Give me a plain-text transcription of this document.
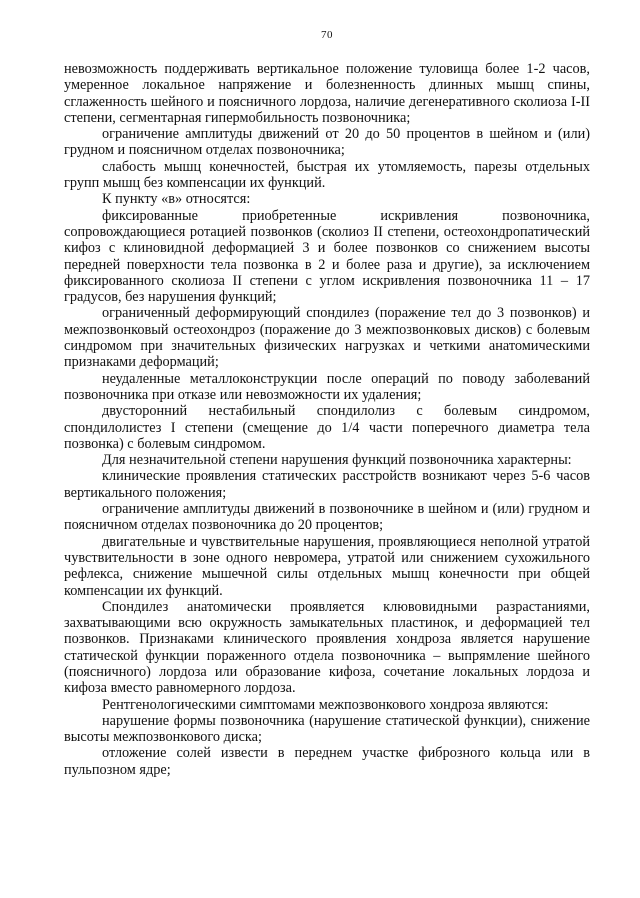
70

невозможность поддерживать вертикальное положение туловища более 1-2 часов, умеренное локальное напряжение и болезненность длинных мышц спины, сглаженность шейного и поясничного лордоза, наличие дегенеративного сколиоза I-II степени, сегментарная гипермобильность позвоночника;

ограничение амплитуды движений от 20 до 50 процентов в шейном и (или) грудном и поясничном отделах позвоночника;

слабость мышц конечностей, быстрая их утомляемость, парезы отдельных групп мышц без компенсации их функций.

К пункту «в» относятся:

фиксированные приобретенные искривления позвоночника, сопровождающиеся ротацией позвонков (сколиоз II степени, остеохондропатический кифоз с клиновидной деформацией 3 и более позвонков со снижением высоты передней поверхности тела позвонка в 2 и более раза и другие), за исключением фиксированного сколиоза II степени с углом искривления позвоночника 11 – 17 градусов, без нарушения функций;

ограниченный деформирующий спондилез (поражение тел до 3 позвонков) и межпозвонковый остеохондроз (поражение до 3 межпозвонковых дисков) с болевым синдромом при значительных физических нагрузках и четкими анатомическими признаками деформаций;

неудаленные металлоконструкции после операций по поводу заболеваний позвоночника при отказе или невозможности их удаления;

двусторонний нестабильный спондилолиз с болевым синдромом, спондилолистез I степени (смещение до 1/4 части поперечного диаметра тела позвонка) с болевым синдромом.

Для незначительной степени нарушения функций позвоночника характерны:

клинические проявления статических расстройств возникают через 5-6 часов вертикального положения;

ограничение амплитуды движений в позвоночнике в шейном и (или) грудном и поясничном отделах позвоночника до 20 процентов;

двигательные и чувствительные нарушения, проявляющиеся неполной утратой чувствительности в зоне одного невромера, утратой или снижением сухожильного рефлекса, снижение мышечной силы отдельных мышц конечности при общей компенсации их функций.

Спондилез анатомически проявляется клювовидными разрастаниями, захватывающими всю окружность замыкательных пластинок, и деформацией тел позвонков. Признаками клинического проявления хондроза является нарушение статической функции пораженного отдела позвоночника – выпрямление шейного (поясничного) лордоза или образование кифоза, сочетание локальных лордоза и кифоза вместо равномерного лордоза.

Рентгенологическими симптомами межпозвонкового хондроза являются:

нарушение формы позвоночника (нарушение статической функции), снижение высоты межпозвонкового диска;

отложение солей извести в переднем участке фиброзного кольца или в пульпозном ядре;
